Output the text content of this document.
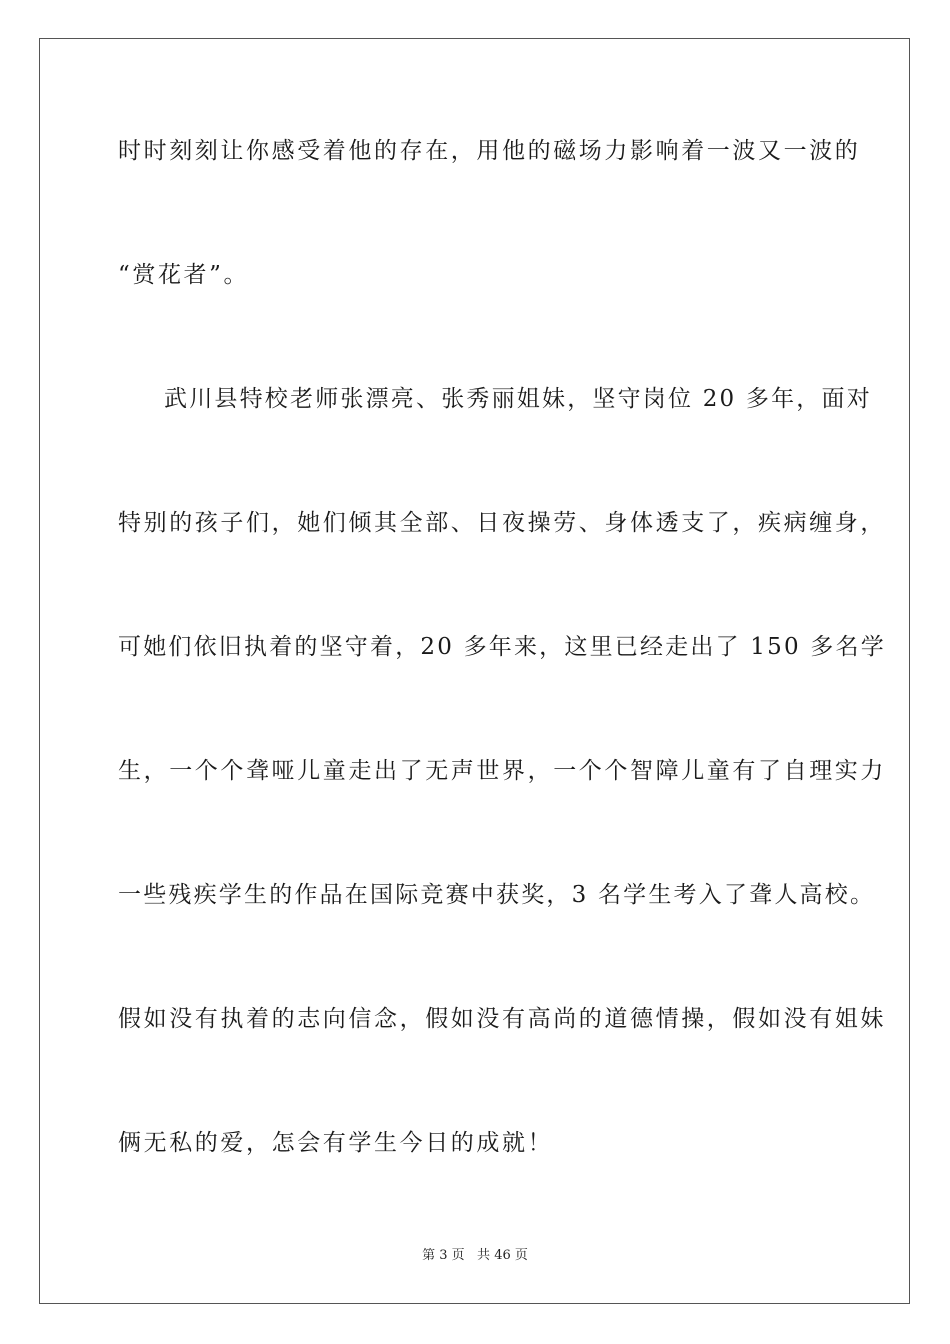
时时刻刻让你感受着他的存在，用他的磁场力影响着一波又一波的
“赏花者”。
武川县特校老师张漂亮、张秀丽姐妹，坚守岗位 20 多年，面对
特别的孩子们，她们倾其全部、日夜操劳、身体透支了，疾病缠身，
可她们依旧执着的坚守着，20 多年来，这里已经走出了 150 多名学
生，一个个聋哑儿童走出了无声世界，一个个智障儿童有了自理实力
一些残疾学生的作品在国际竞赛中获奖，3 名学生考入了聋人高校。
假如没有执着的志向信念，假如没有高尚的道德情操，假如没有姐妹
俩无私的爱，怎会有学生今日的成就！
第 3 页   共 46 页
